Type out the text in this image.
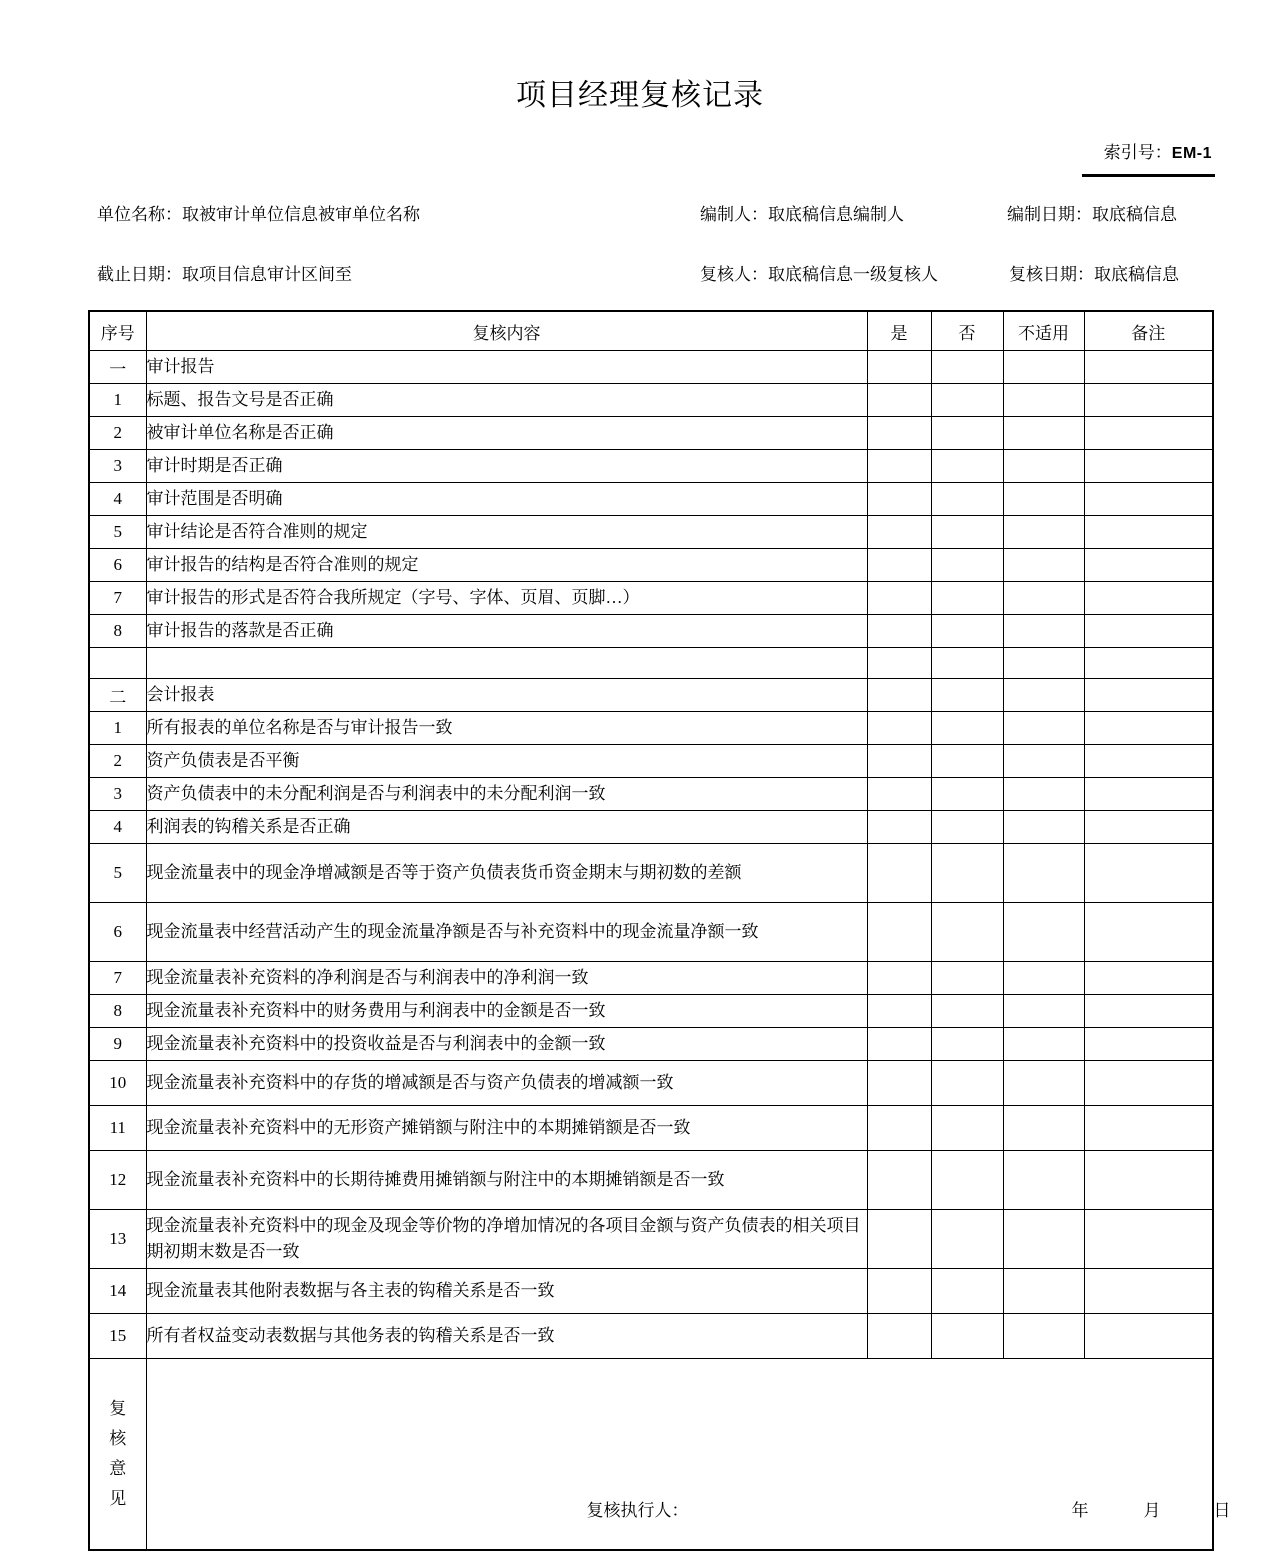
项目经理复核记录
索引号：EM-1
单位名称：取被审计单位信息被审单位名称	编制人：取底稿信息编制人	编制日期：取底稿信息
截止日期：取项目信息审计区间至	复核人：取底稿信息一级复核人	复核日期：取底稿信息
序号	复核内容	是	否	不适用	备注
一	审计报告				
1	标题、报告文号是否正确				
2	被审计单位名称是否正确				
3	审计时期是否正确				
4	审计范围是否明确				
5	审计结论是否符合准则的规定				
6	审计报告的结构是否符合准则的规定				
7	审计报告的形式是否符合我所规定（字号、字体、页眉、页脚…）				
8	审计报告的落款是否正确				

二	会计报表				
1	所有报表的单位名称是否与审计报告一致				
2	资产负债表是否平衡				
3	资产负债表中的未分配利润是否与利润表中的未分配利润一致				
4	利润表的钩稽关系是否正确				
5	现金流量表中的现金净增减额是否等于资产负债表货币资金期末与期初数的差额				
6	现金流量表中经营活动产生的现金流量净额是否与补充资料中的现金流量净额一致				
7	现金流量表补充资料的净利润是否与利润表中的净利润一致				
8	现金流量表补充资料中的财务费用与利润表中的金额是否一致				
9	现金流量表补充资料中的投资收益是否与利润表中的金额一致				
10	现金流量表补充资料中的存货的增减额是否与资产负债表的增减额一致				
11	现金流量表补充资料中的无形资产摊销额与附注中的本期摊销额是否一致				
12	现金流量表补充资料中的长期待摊费用摊销额与附注中的本期摊销额是否一致				
13	现金流量表补充资料中的现金及现金等价物的净增加情况的各项目金额与资产负债表的相关项目期初期末数是否一致				
14	现金流量表其他附表数据与各主表的钩稽关系是否一致				
15	所有者权益变动表数据与其他务表的钩稽关系是否一致				

复
核
意
见	复核执行人： 年 月 日				
